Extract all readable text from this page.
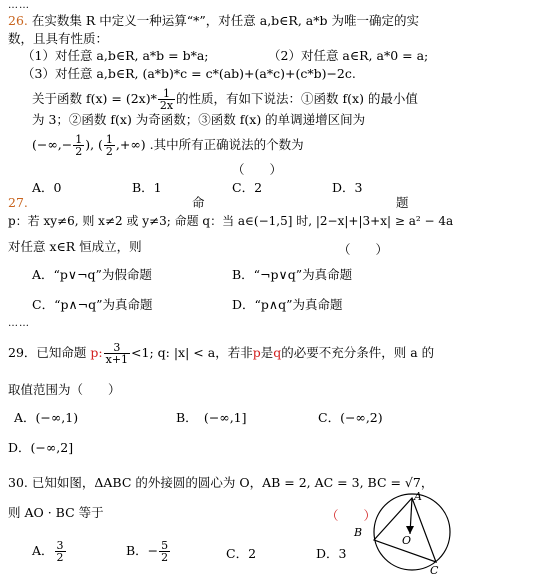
……
26. 在实数集 R 中定义一种运算“*”，对任意 a,b∈R, a*b 为唯一确定的实
数，且具有性质：
（1）对任意 a,b∈R, a*b = b*a;	（2）对任意 a∈R, a*0 = a;
（3）对任意 a,b∈R, (a*b)*c = c*(ab)+(a*c)+(c*b)−2c.
关于函数 $f(x) = (2x)* \frac{1}{2x}$ 的性质，有如下说法：①函数 f(x) 的最小值
为 3；②函数 f(x) 为奇函数；③函数 f(x) 的单调递增区间为
(−∞,− $\frac{1}{2}$ ), ( $\frac{1}{2}$ ,+∞) .其中所有正确说法的个数为
（　　）
A．0	B．1	C．2	D．3
27.	命	题
p：若 xy≠6, 则 x≠2 或 y≠3; 命题 q：当 a∈(−1,5] 时, |2−x|+|3+x| ≥ a² − 4a
对任意 x∈R 恒成立，则	（　　）
A．“p∨¬q”为假命题	B．“¬p∨q”为真命题
C．“p∧¬q”为真命题	D．“p∧q”为真命题
……
29．已知命题 p: $\frac{3}{x+1} <1$; q: |x| < a，若非p是q的必要不充分条件，则 a 的
取值范围为（　　）
A．(−∞,1)	B．　(−∞,1]	C．(−∞,2)
D．(−∞,2]
30. 已知如图，ΔABC 的外接圆的圆心为 O，AB = 2, AC = 3, BC = √7，
则 AO · BC 等于	（　　）
A． $\frac{3}{2}$	B．− $\frac{5}{2}$	C．2	D．3
A
B
C
O
